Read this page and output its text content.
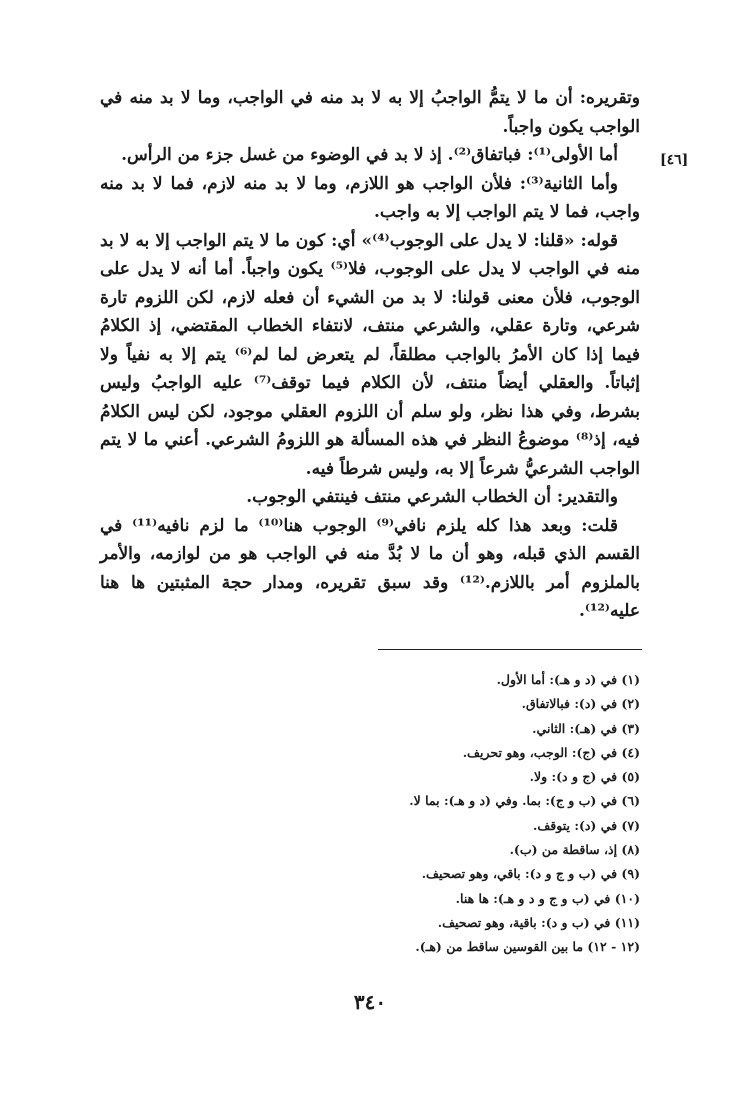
[٤٦]

وتقريره: أن ما لا يتمُّ الواجبُ إلا به لا بد منه في الواجب، وما لا بد منه في الواجب يكون واجباً.

أما الأولى⁽¹⁾: فباتفاق⁽²⁾. إذ لا بد في الوضوء من غسل جزء من الرأس.

وأما الثانية⁽³⁾: فلأن الواجب هو اللازم، وما لا بد منه لازم، فما لا بد منه واجب، فما لا يتم الواجب إلا به واجب.

قوله: «قلنا: لا يدل على الوجوب⁽⁴⁾» أي: كون ما لا يتم الواجب إلا به لا بد منه في الواجب لا يدل على الوجوب، فلا⁽⁵⁾ يكون واجباً. أما أنه لا يدل على الوجوب، فلأن معنى قولنا: لا بد من الشيء أن فعله لازم، لكن اللزوم تارة شرعي، وتارة عقلي، والشرعي منتف، لانتفاء الخطاب المقتضي، إذ الكلامُ فيما إذا كان الأمرُ بالواجب مطلقاً، لم يتعرض لما لم⁽⁶⁾ يتم إلا به نفياً ولا إثباتاً. والعقلي أيضاً منتف، لأن الكلام فيما توقف⁽⁷⁾ عليه الواجبُ وليس بشرط، وفي هذا نظر، ولو سلم أن اللزوم العقلي موجود، لكن ليس الكلامُ فيه، إذ⁽⁸⁾ موضوعُ النظر في هذه المسألة هو اللزومُ الشرعي. أعني ما لا يتم الواجب الشرعيُّ شرعاً إلا به، وليس شرطاً فيه.

والتقدير: أن الخطاب الشرعي منتف فينتفي الوجوب.

قلت: وبعد هذا كله يلزم نافي⁽⁹⁾ الوجوب هنا⁽¹⁰⁾ ما لزم نافيه⁽¹¹⁾ في القسم الذي قبله، وهو أن ما لا بُدَّ منه في الواجب هو من لوازمه، والأمر بالملزوم أمر باللازم.⁽¹²⁾ وقد سبق تقريره، ومدار حجة المثبتين ها هنا عليه⁽¹²⁾.

(١) في (د و هـ): أما الأول.
(٢) في (د): فبالاتفاق.
(٣) في (هـ): الثاني.
(٤) في (ج): الوجب، وهو تحريف.
(٥) في (ج و د): ولا.
(٦) في (ب و ج): بما. وفي (د و هـ): بما لا.
(٧) في (د): يتوقف.
(٨) إذ، ساقطة من (ب).
(٩) في (ب و ج و د): باقي، وهو تصحيف.
(١٠) في (ب و ج و د و هـ): ها هنا.
(١١) في (ب و د): باقية، وهو تصحيف.
(١٢ - ١٢) ما بين القوسين ساقط من (هـ).
٣٤٠
